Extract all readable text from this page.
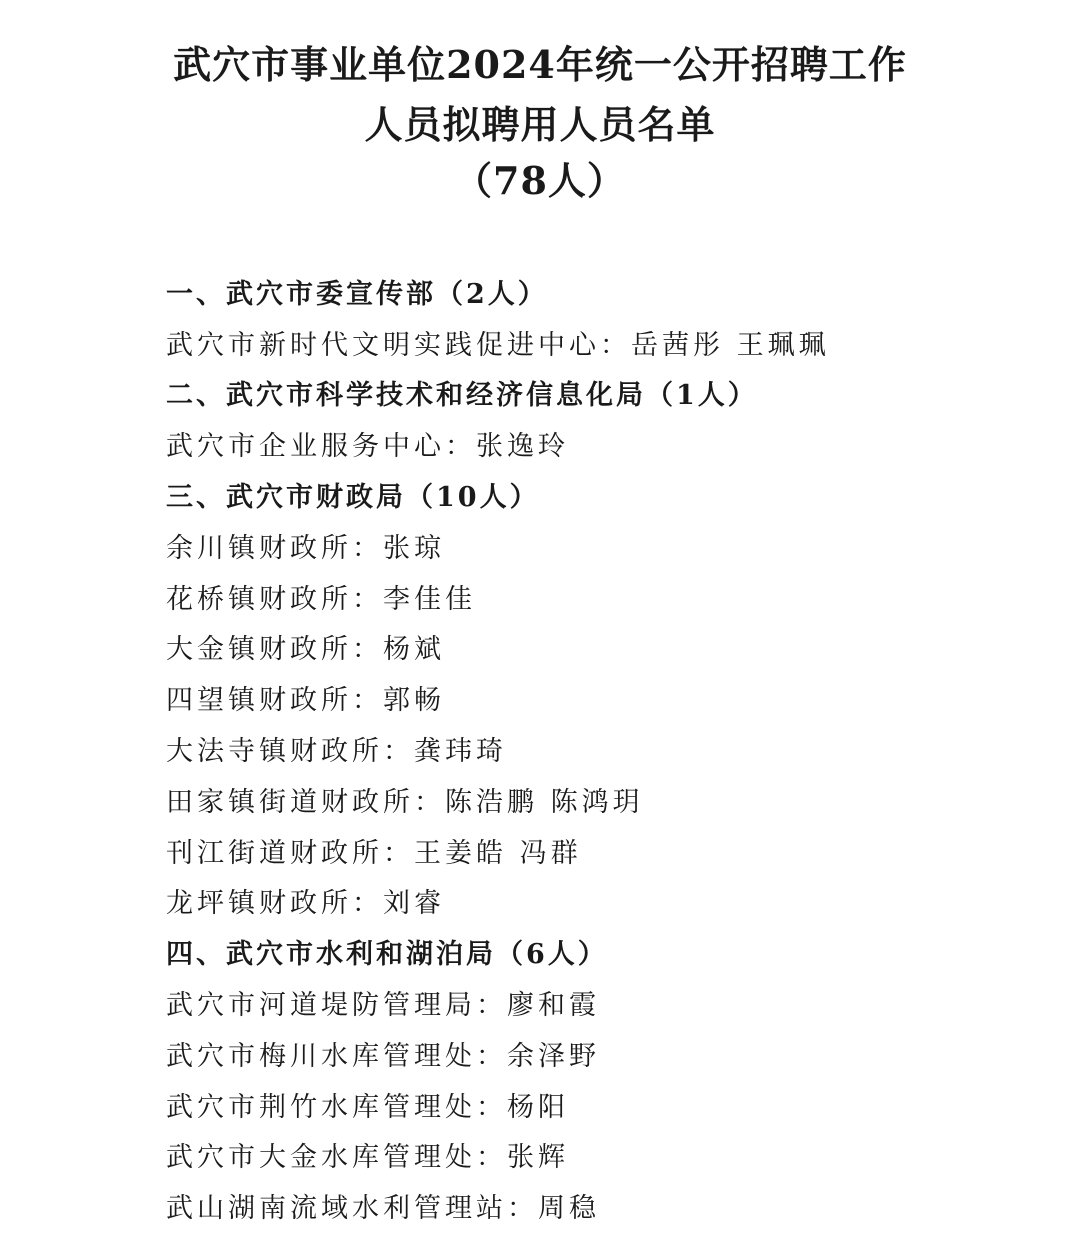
武穴市事业单位2024年统一公开招聘工作
人员拟聘用人员名单
（78人）
一、武穴市委宣传部（2人）
武穴市新时代文明实践促进中心：岳茜彤 王珮珮
二、武穴市科学技术和经济信息化局（1人）
武穴市企业服务中心：张逸玲
三、武穴市财政局（10人）
余川镇财政所：张琼
花桥镇财政所：李佳佳
大金镇财政所：杨斌
四望镇财政所：郭畅
大法寺镇财政所：龚玮琦
田家镇街道财政所：陈浩鹏 陈鸿玥
刊江街道财政所：王姜皓 冯群
龙坪镇财政所：刘睿
四、武穴市水利和湖泊局（6人）
武穴市河道堤防管理局：廖和霞
武穴市梅川水库管理处：余泽野
武穴市荆竹水库管理处：杨阳
武穴市大金水库管理处：张辉
武山湖南流域水利管理站：周稳
